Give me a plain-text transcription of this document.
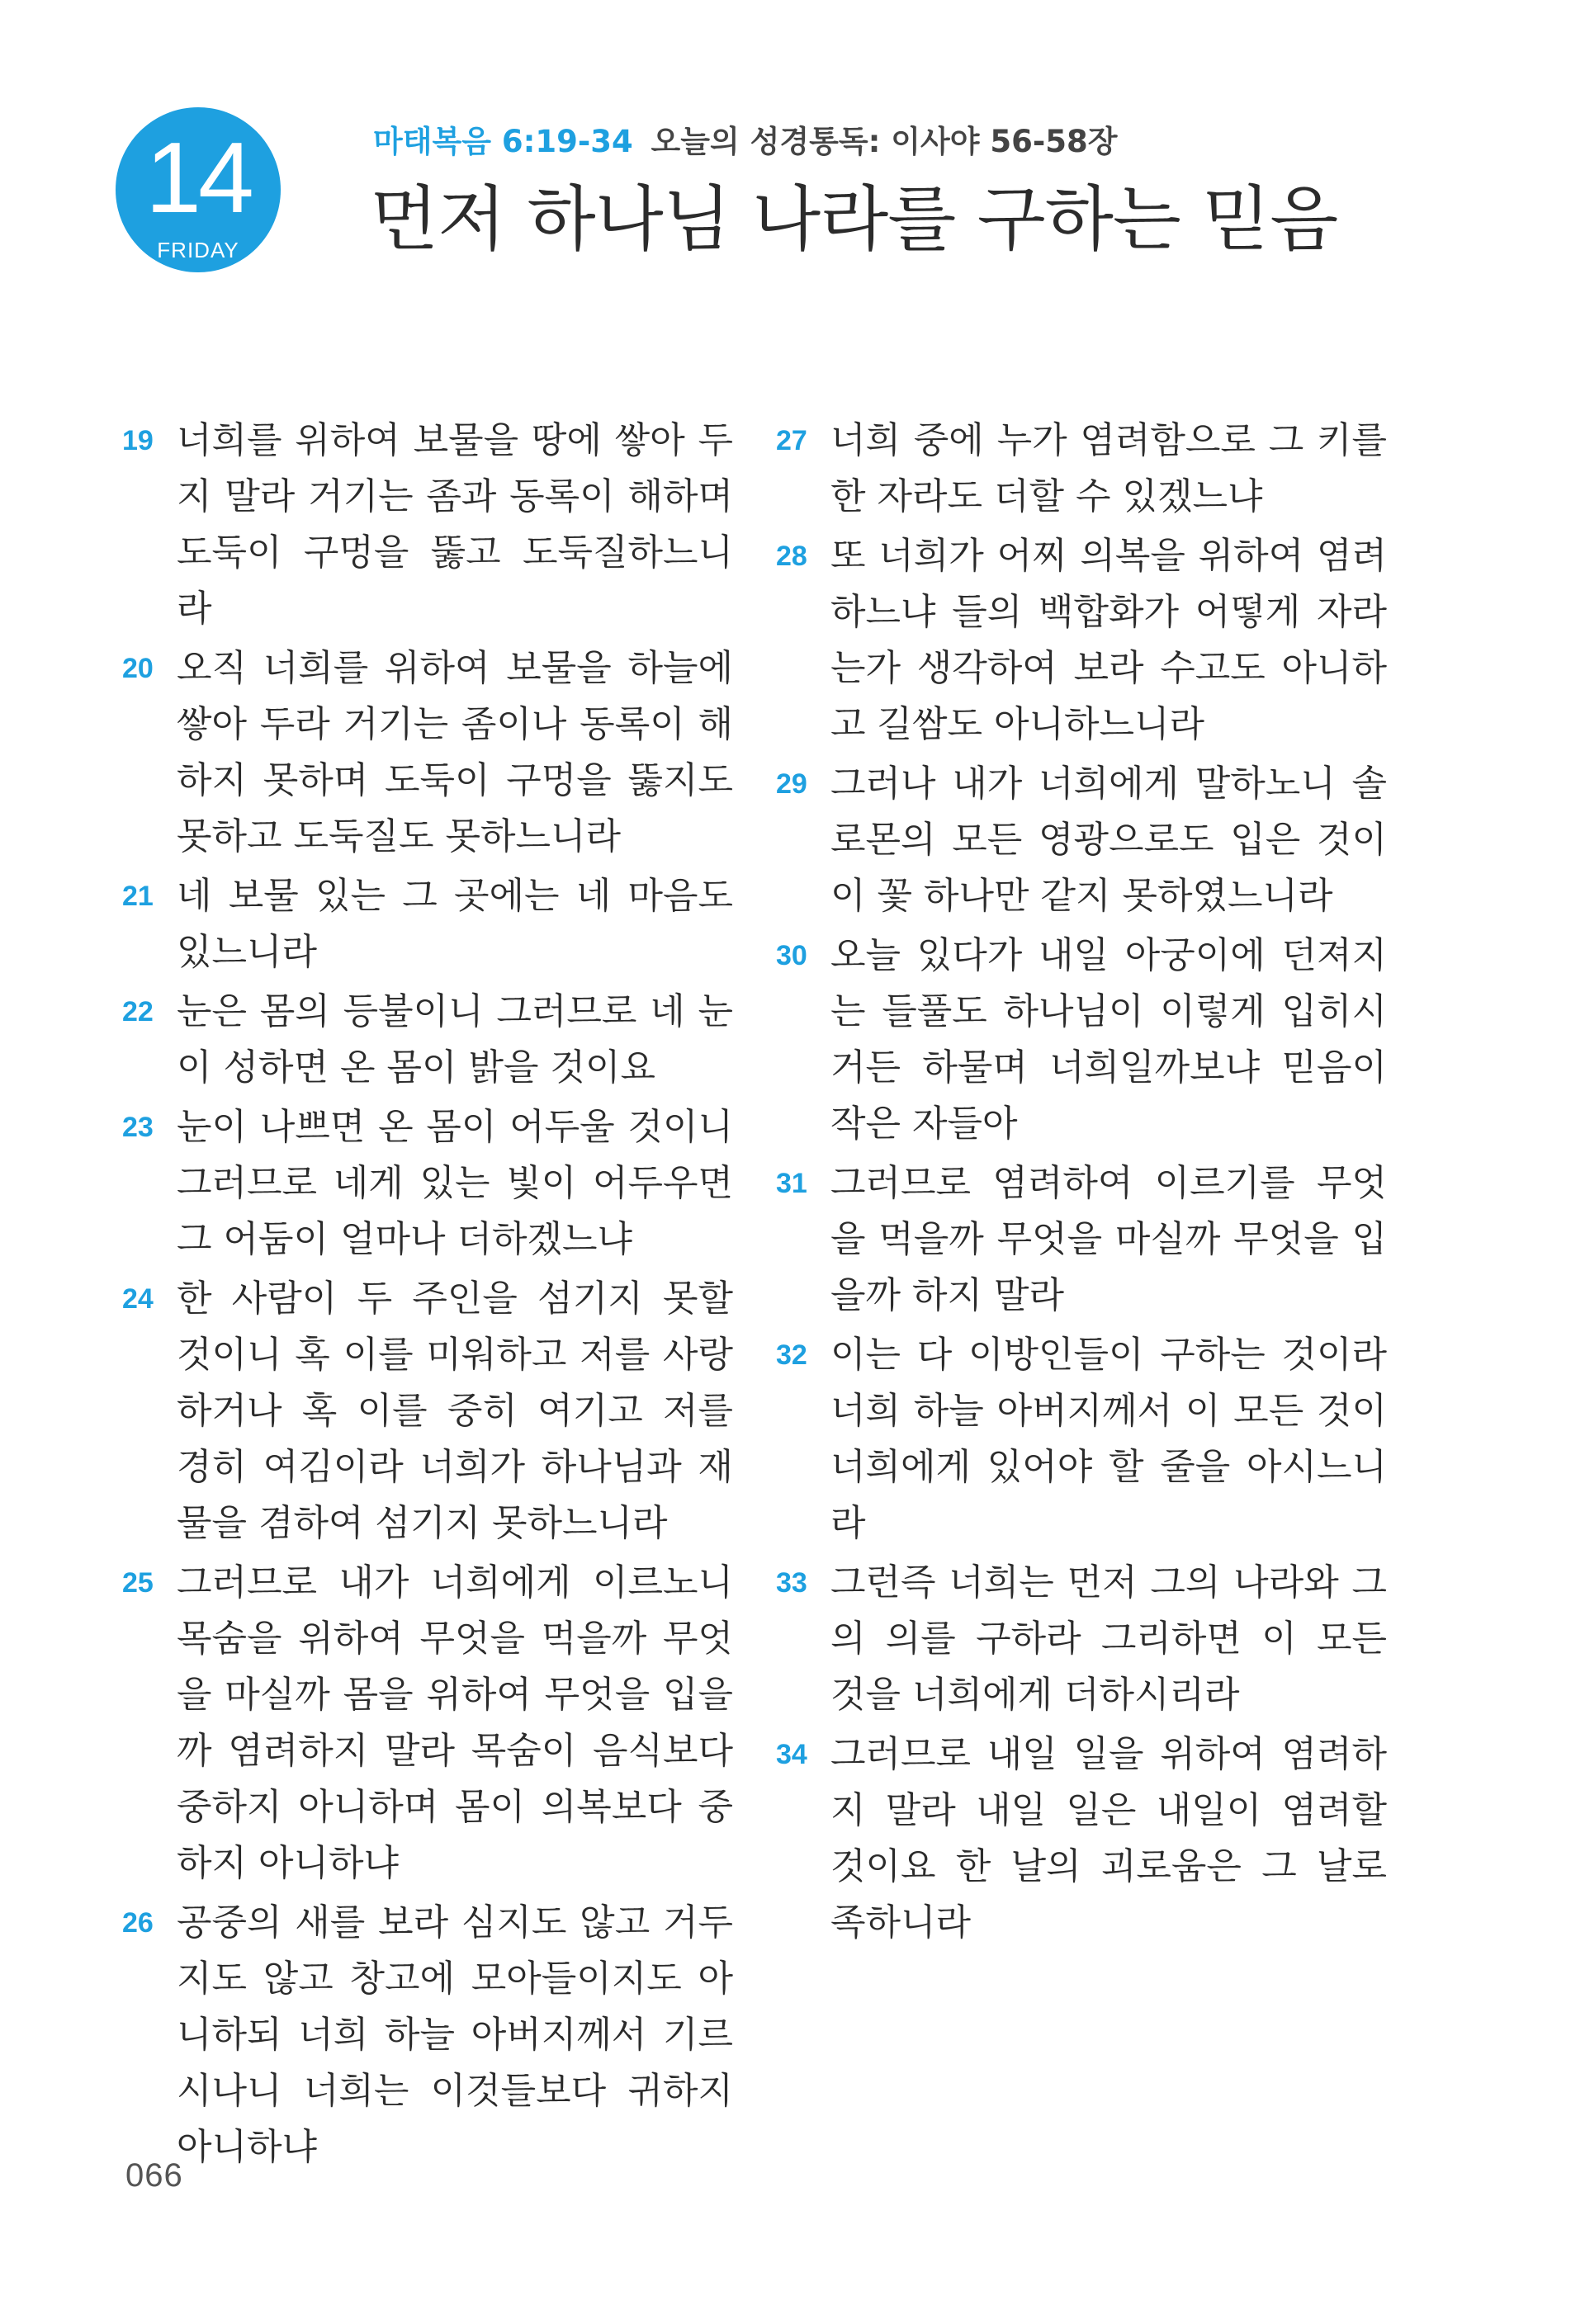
14
FRIDAY
마태복음 6:19-34 오늘의 성경통독: 이사야 56-58장
먼저 하나님 나라를 구하는 믿음
19 너희를 위하여 보물을 땅에 쌓아 두지 말라 거기는 좀과 동록이 해하며 도둑이 구멍을 뚫고 도둑질하느니라
20 오직 너희를 위하여 보물을 하늘에 쌓아 두라 거기는 좀이나 동록이 해하지 못하며 도둑이 구멍을 뚫지도 못하고 도둑질도 못하느니라
21 네 보물 있는 그 곳에는 네 마음도 있느니라
22 눈은 몸의 등불이니 그러므로 네 눈이 성하면 온 몸이 밝을 것이요
23 눈이 나쁘면 온 몸이 어두울 것이니 그러므로 네게 있는 빛이 어두우면 그 어둠이 얼마나 더하겠느냐
24 한 사람이 두 주인을 섬기지 못할 것이니 혹 이를 미워하고 저를 사랑하거나 혹 이를 중히 여기고 저를 경히 여김이라 너희가 하나님과 재물을 겸하여 섬기지 못하느니라
25 그러므로 내가 너희에게 이르노니 목숨을 위하여 무엇을 먹을까 무엇을 마실까 몸을 위하여 무엇을 입을까 염려하지 말라 목숨이 음식보다 중하지 아니하며 몸이 의복보다 중하지 아니하냐
26 공중의 새를 보라 심지도 않고 거두지도 않고 창고에 모아들이지도 아니하되 너희 하늘 아버지께서 기르시나니 너희는 이것들보다 귀하지 아니하냐
27 너희 중에 누가 염려함으로 그 키를 한 자라도 더할 수 있겠느냐
28 또 너희가 어찌 의복을 위하여 염려하느냐 들의 백합화가 어떻게 자라는가 생각하여 보라 수고도 아니하고 길쌈도 아니하느니라
29 그러나 내가 너희에게 말하노니 솔로몬의 모든 영광으로도 입은 것이 이 꽃 하나만 같지 못하였느니라
30 오늘 있다가 내일 아궁이에 던져지는 들풀도 하나님이 이렇게 입히시거든 하물며 너희일까보냐 믿음이 작은 자들아
31 그러므로 염려하여 이르기를 무엇을 먹을까 무엇을 마실까 무엇을 입을까 하지 말라
32 이는 다 이방인들이 구하는 것이라 너희 하늘 아버지께서 이 모든 것이 너희에게 있어야 할 줄을 아시느니라
33 그런즉 너희는 먼저 그의 나라와 그의 의를 구하라 그리하면 이 모든 것을 너희에게 더하시리라
34 그러므로 내일 일을 위하여 염려하지 말라 내일 일은 내일이 염려할 것이요 한 날의 괴로움은 그 날로 족하니라
066
